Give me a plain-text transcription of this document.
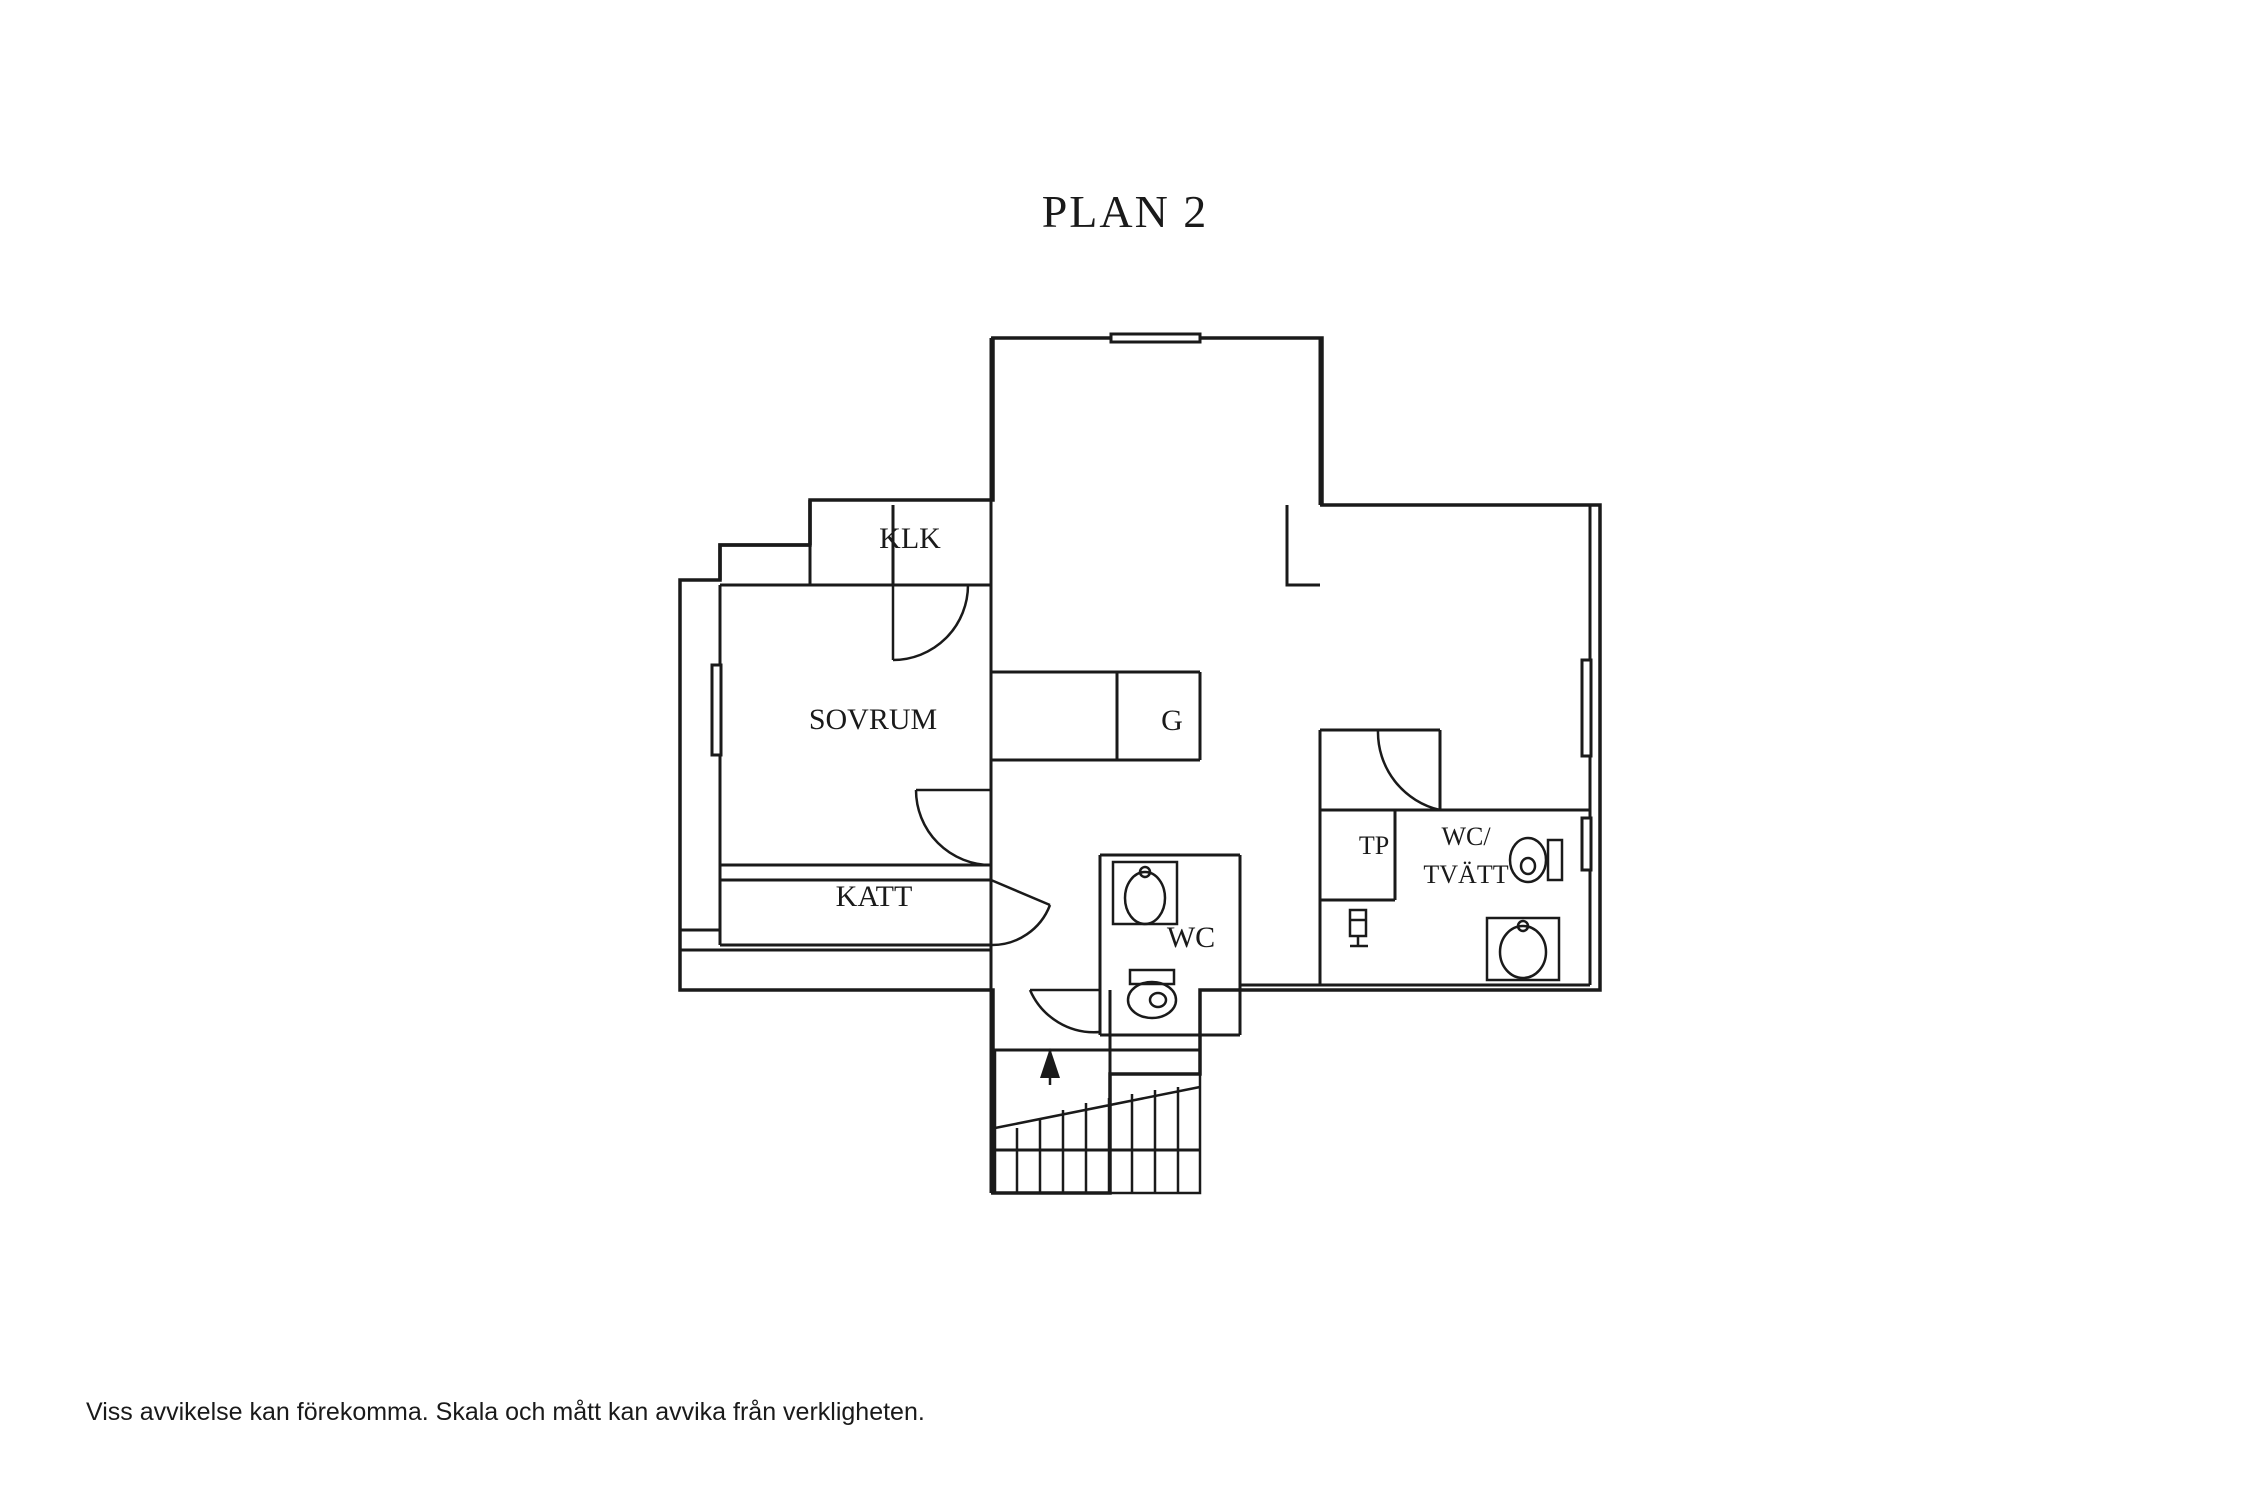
PLAN 2
KLK
SOVRUM	G
KATT
WC
TP WC/
TVÄTT
Viss avvikelse kan förekomma. Skala och mått kan avvika från verkligheten.
